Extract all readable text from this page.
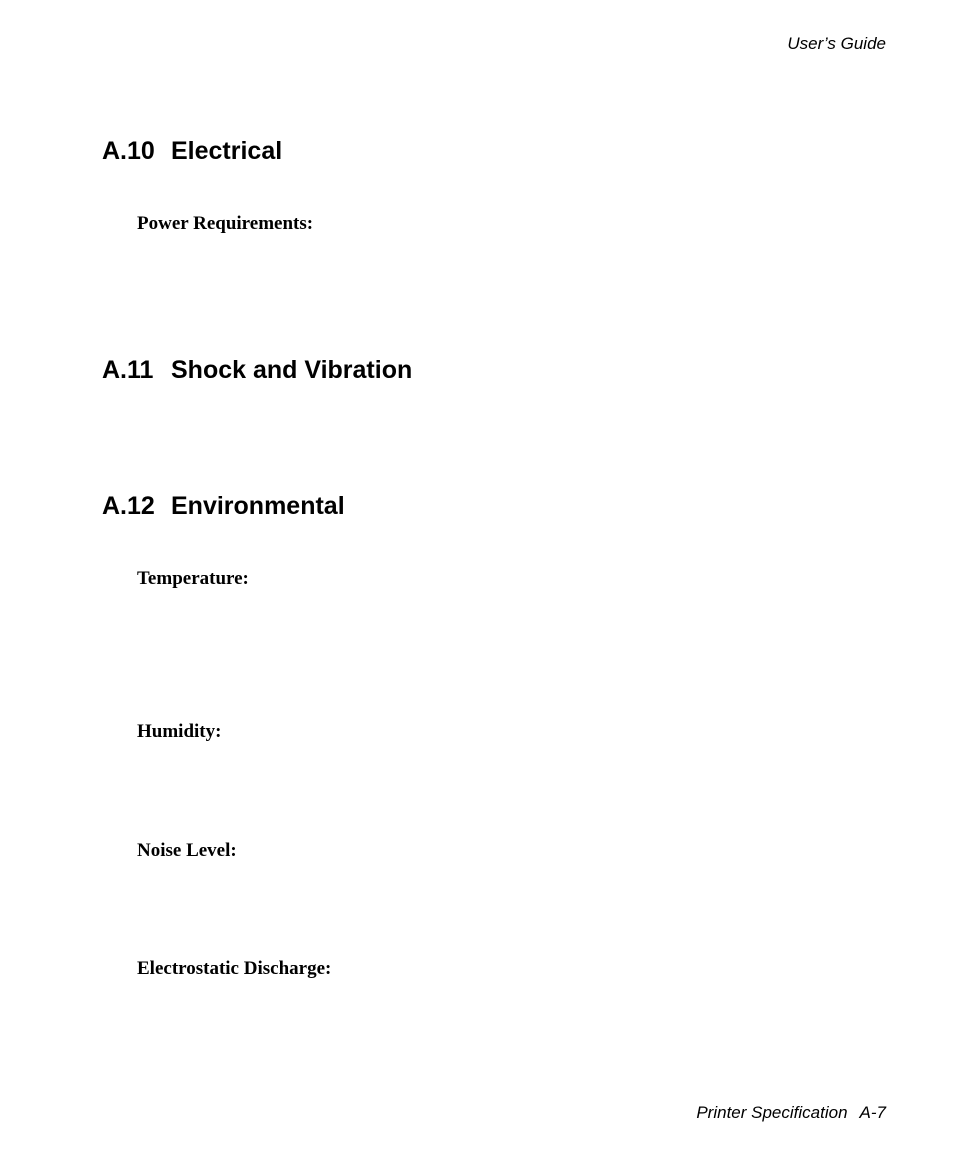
User’s Guide
A.10 Electrical
Power Requirements:
A.11 Shock and Vibration
A.12 Environmental
Temperature:
Humidity:
Noise Level:
Electrostatic Discharge:
Printer Specification A-7
